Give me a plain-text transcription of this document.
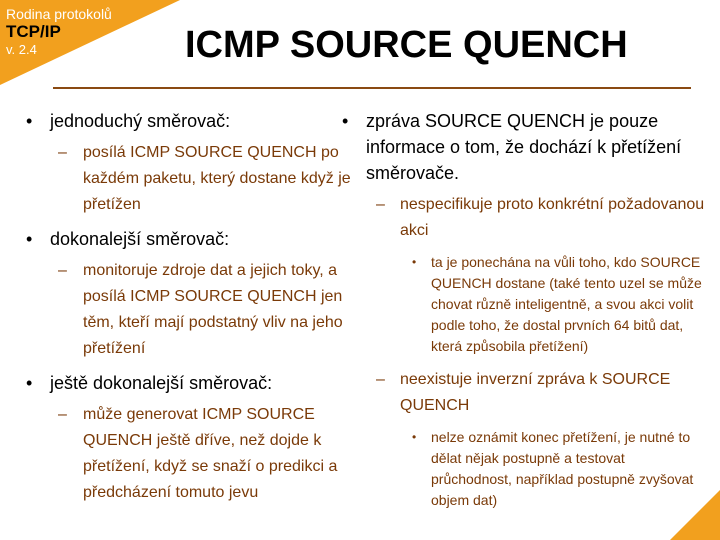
Rodina protokolů
TCP/IP
v. 2.4	ICMP SOURCE QUENCH
• jednoduchý směrovač:
– posílá ICMP SOURCE QUENCH po každém paketu, který dostane když je přetížen
• dokonalejší směrovač:
– monitoruje zdroje dat a jejich toky, a posílá ICMP SOURCE QUENCH jen těm, kteří mají podstatný vliv na jeho přetížení
• ještě dokonalejší směrovač:
– může generovat ICMP SOURCE QUENCH ještě dříve, než dojde k přetížení, když se snaží o predikci a předcházení tomuto jevu
• zpráva SOURCE QUENCH je pouze informace o tom, že dochází k přetížení směrovače.
– nespecifikuje proto konkrétní požadovanou akci
• ta je ponechána na vůli toho, kdo SOURCE QUENCH dostane (také tento uzel se může chovat různě inteligentně, a svou akci volit podle toho, že dostal prvních 64 bitů dat, která způsobila přetížení)
– neexistuje inverzní zpráva k SOURCE QUENCH
• nelze oznámit konec přetížení, je nutné to dělat nějak postupně a testovat průchodnost, například postupně zvyšovat objem dat)
